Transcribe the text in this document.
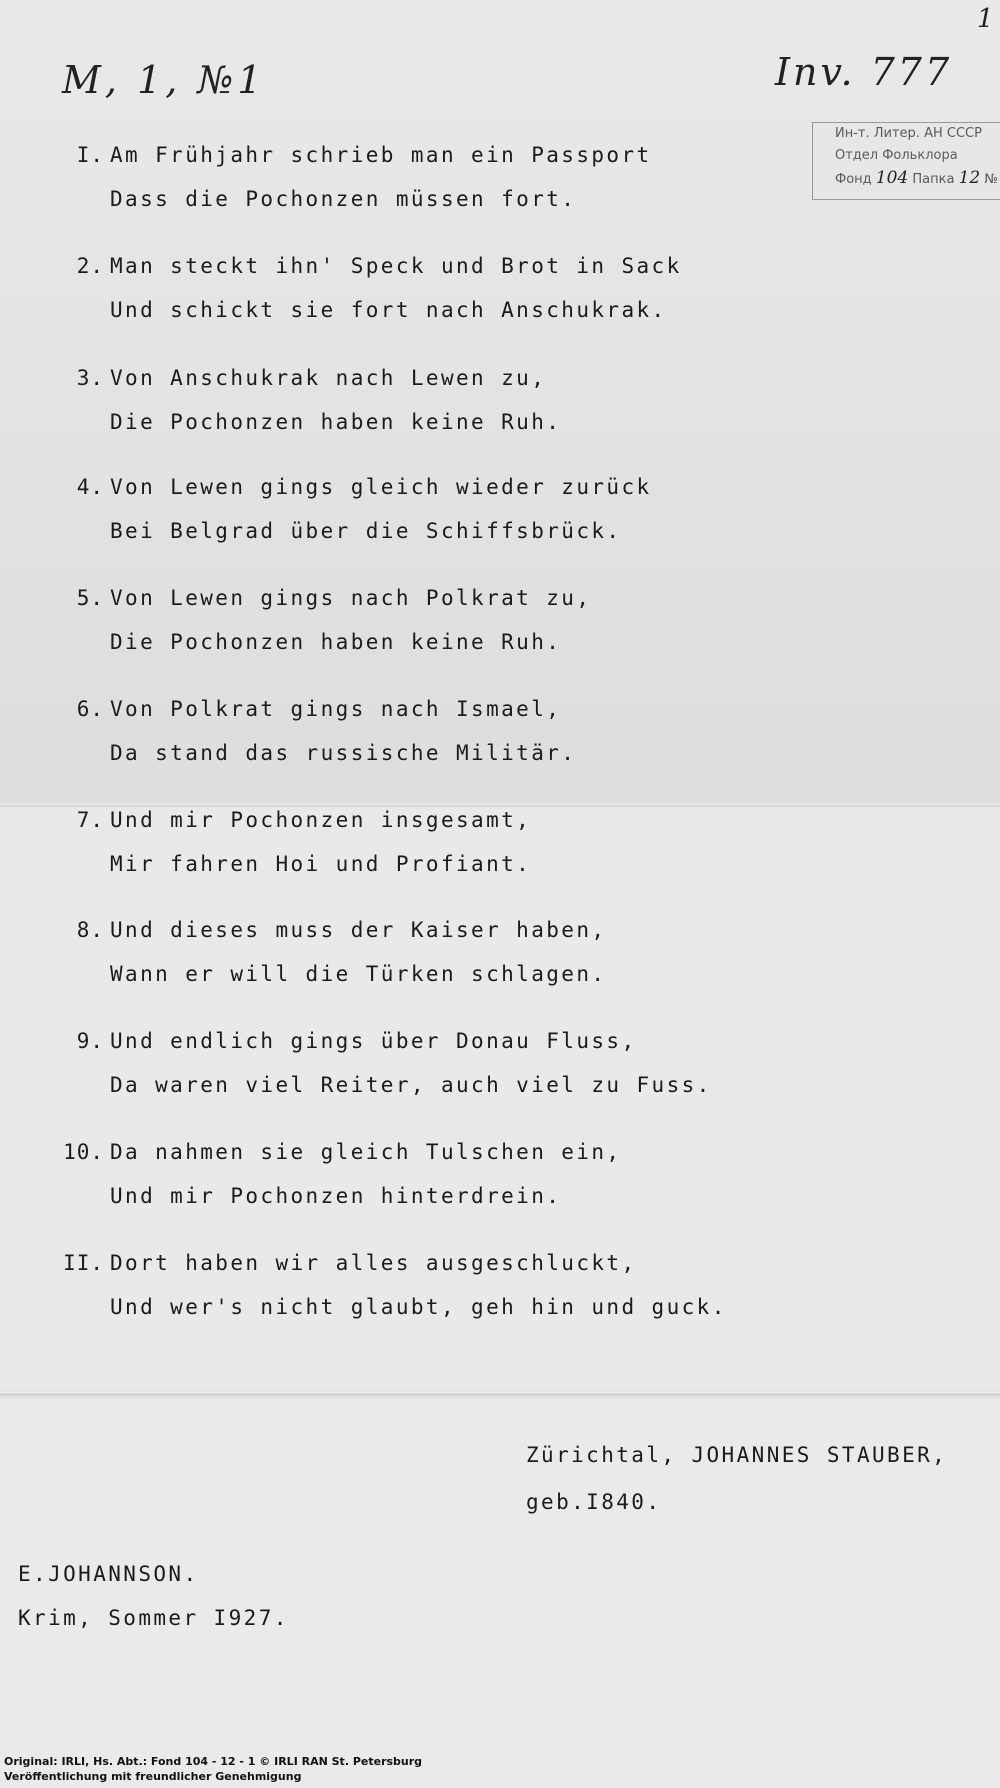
1
M, 1, №1	Inv. 777
Ин-т. Литер. АН СССР
Отдел Фольклора
Фонд 104 Папка 12 №
I. Am Frühjahr schrieb man ein Passport
Dass die Pochonzen müssen fort.
2. Man steckt ihn' Speck und Brot in Sack
Und schickt sie fort nach Anschukrak.
3. Von Anschukrak nach Lewen zu,
Die Pochonzen haben keine Ruh.
4. Von Lewen gings gleich wieder zurück
Bei Belgrad über die Schiffsbrück.
5. Von Lewen gings nach Polkrat zu,
Die Pochonzen haben keine Ruh.
6. Von Polkrat gings nach Ismael,
Da stand das russische Militär.
7. Und mir Pochonzen insgesamt,
Mir fahren Hoi und Profiant.
8. Und dieses muss der Kaiser haben,
Wann er will die Türken schlagen.
9. Und endlich gings über Donau Fluss,
Da waren viel Reiter, auch viel zu Fuss.
10. Da nahmen sie gleich Tulschen ein,
Und mir Pochonzen hinterdrein.
II. Dort haben wir alles ausgeschluckt,
Und wer's nicht glaubt, geh hin und guck.
Zürichtal, JOHANNES STAUBER,
geb.I840.
E.JOHANNSON.
Krim, Sommer I927.
Original: IRLI, Hs. Abt.: Fond 104 - 12 - 1 © IRLI RAN St. Petersburg
Veröffentlichung mit freundlicher Genehmigung
